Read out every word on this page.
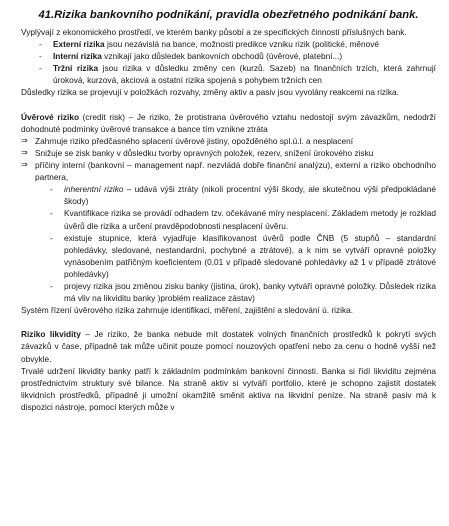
41.Rizika bankovního podnikání, pravidla obezřetného podnikání bank.

Vyplývají z ekonomického prostředí, ve kterém banky působí a ze specifických činností příslušných bank.

-	Externí rizika jsou nezávislá na bance, možnosti predikce vzniku rizik (politické, měnové
-	Interní rizika vznikají jako důsledek bankovních obchodů (úvěrové, platební...)
-	Tržní rizika jsou rizika v důsledku změny cen (kurzů. Sazeb) na finančních trzích, která zahrnují úroková, kurzová, akciová a ostatní rizika spojená s pohybem tržních cen

Důsledky rizika se projevují v položkách rozvahy, změny aktiv a pasiv jsou vyvolány reakcemi na rizika.

Úvěrové riziko (credit risk) – Je riziko, že protistrana úvěrového vztahu nedostojí svým závazkům, nedodrží dohodnuté podmínky úvěrové transakce a bance tím vznikne ztráta

⇒ Zahrnuje riziko předčasného splacení úvěrové jistiny, opožděného spl.ú.l. a nesplacení
⇒ Snižuje se zisk banky v důsledku tvorby opravných položek, rezerv, snížení úrokového zisku
⇒ příčiny interní (bankovní – management např. nezvládá dobře finanční analýzu), externí a riziko obchodního partnera,
-	inherentní riziko – udává výši ztráty (nikoli procentní výši škody, ale skutečnou výši předpokládané škody)
-	Kvantifikace rizika se provádí odhadem tzv. očekávané míry nesplacení. Základem metody je rozklad úvěrů dle rizika a určení pravděpodobnosti nesplacení úvěru.
-	existuje stupnice, která vyjadřuje klasifikovanost úvěrů podle ČNB (5 stupňů – standardní pohledávky, sledované, nestandardní, pochybné a ztrátové), a k nim se vytváří opravné položky vynásobením patřičným koeficientem (0,01 v případě sledované pohledávky až 1 v případě ztrátové pohledávky)
-	projevy rizika jsou změnou zisku banky (jistina, úrok), banky vytváří opravné položky. Důsledek rizika má vliv na likviditu banky )problém realizace zástav)

Systém řízení úvěrového rizika zahrnuje identifikaci, měření, zajištění a sledování ú. rizika.

Riziko likvidity – Je riziko, že banka nebude mít dostatek volných finančních prostředků k pokrytí svých závazků v čase, případně tak může učinit pouze pomocí nouzových opatření nebo za cenu o hodně vyšší než obvykle.

Trvalé udržení likvidity banky patří k základním podmínkám bankovní činnosti. Banka si řídí likviditu zejména prostřednictvím struktury své bilance. Na straně aktiv si vytváří portfolio, které je schopno zajistit dostatek likvidních prostředků, případně ji umožní okamžitě směnit aktiva na likvidní peníze. Na straně pasiv má k dispozici nástroje, pomocí kterých může v
